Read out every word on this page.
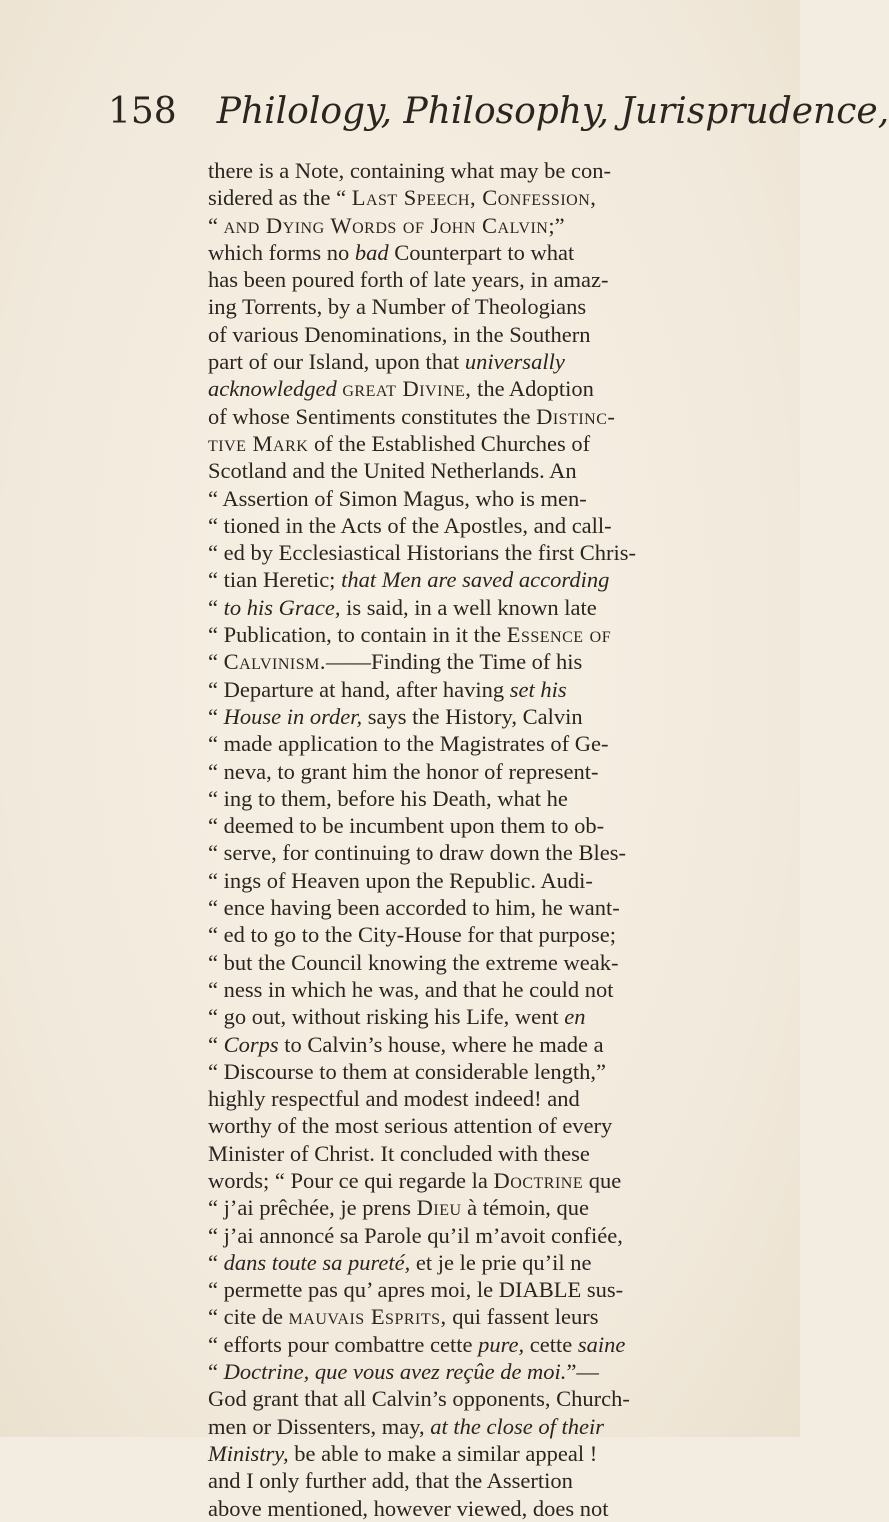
158 Philology, Philosophy, Jurisprudence,
there is a Note, containing what may be con-
sidered as the “ Last Speech, Confession,
“ and Dying Words of John Calvin;”
which forms no bad Counterpart to what
has been poured forth of late years, in amaz-
ing Torrents, by a Number of Theologians
of various Denominations, in the Southern
part of our Island, upon that universally
acknowledged great Divine, the Adoption
of whose Sentiments constitutes the Distinc-
tive Mark of the Established Churches of
Scotland and the United Netherlands. An
“ Assertion of Simon Magus, who is men-
“ tioned in the Acts of the Apostles, and call-
“ ed by Ecclesiastical Historians the first Chris-
“ tian Heretic; that Men are saved according
“ to his Grace, is said, in a well known late
“ Publication, to contain in it the Essence of
“ Calvinism.——Finding the Time of his
“ Departure at hand, after having set his
“ House in order, says the History, Calvin
“ made application to the Magistrates of Ge-
“ neva, to grant him the honor of represent-
“ ing to them, before his Death, what he
“ deemed to be incumbent upon them to ob-
“ serve, for continuing to draw down the Bles-
“ ings of Heaven upon the Republic. Audi-
“ ence having been accorded to him, he want-
“ ed to go to the City-House for that purpose;
“ but the Council knowing the extreme weak-
“ ness in which he was, and that he could not
“ go out, without risking his Life, went en
“ Corps to Calvin’s house, where he made a
“ Discourse to them at considerable length,”
highly respectful and modest indeed! and
worthy of the most serious attention of every
Minister of Christ. It concluded with these
words; “ Pour ce qui regarde la Doctrine que
“ j’ai prêchée, je prens Dieu à témoin, que
“ j’ai annoncé sa Parole qu’il m’avoit confiée,
“ dans toute sa pureté, et je le prie qu’il ne
“ permette pas qu’ apres moi, le DIABLE sus-
“ cite de mauvais Esprits, qui fassent leurs
“ efforts pour combattre cette pure, cette saine
“ Doctrine, que vous avez reçûe de moi.”—
God grant that all Calvin’s opponents, Church-
men or Dissenters, may, at the close of their
Ministry, be able to make a similar appeal !
and I only further add, that the Assertion
above mentioned, however viewed, does not
